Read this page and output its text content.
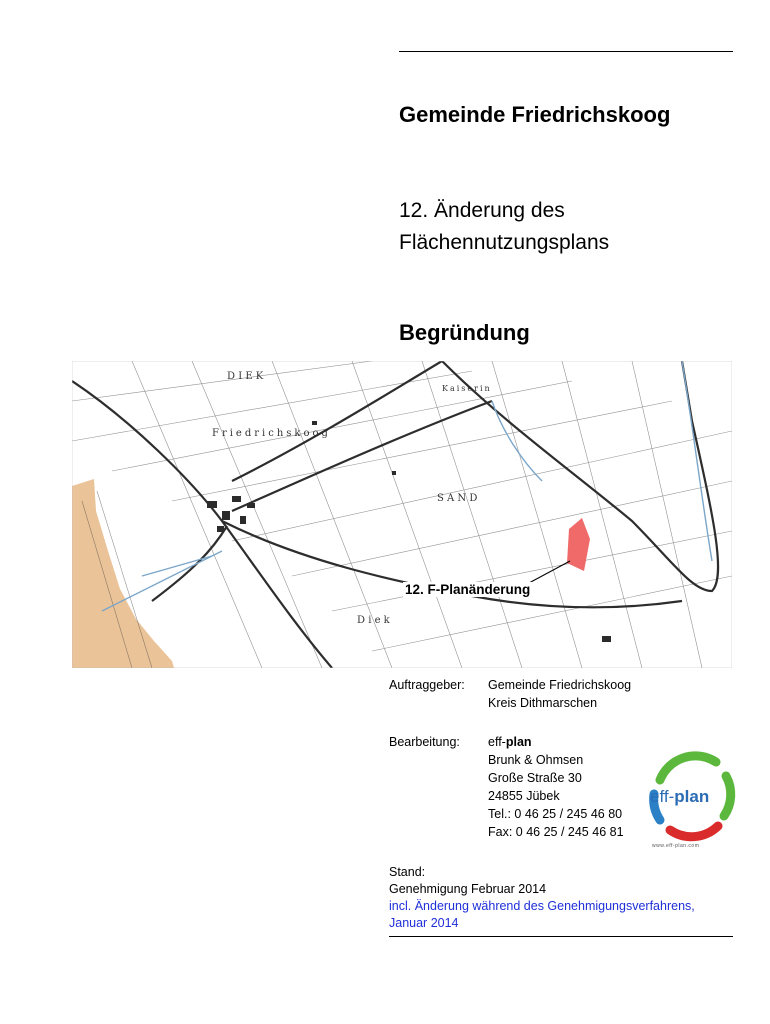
Gemeinde Friedrichskoog
12. Änderung des
Flächennutzungsplans
Begründung
D I E K
Friedrichskoog
S A N D
Kaiserin
D i e k
12. F-Planänderung
Auftraggeber: Gemeinde Friedrichskoog
Kreis Dithmarschen
Bearbeitung: eff-plan
Brunk & Ohmsen
Große Straße 30
24855 Jübek
Tel.: 0 46 25 / 245 46 80
Fax: 0 46 25 / 245 46 81
eff-plan
www.eff-plan.com
Stand:
Genehmigung Februar 2014
incl. Änderung während des Genehmigungsverfahrens,
Januar 2014
